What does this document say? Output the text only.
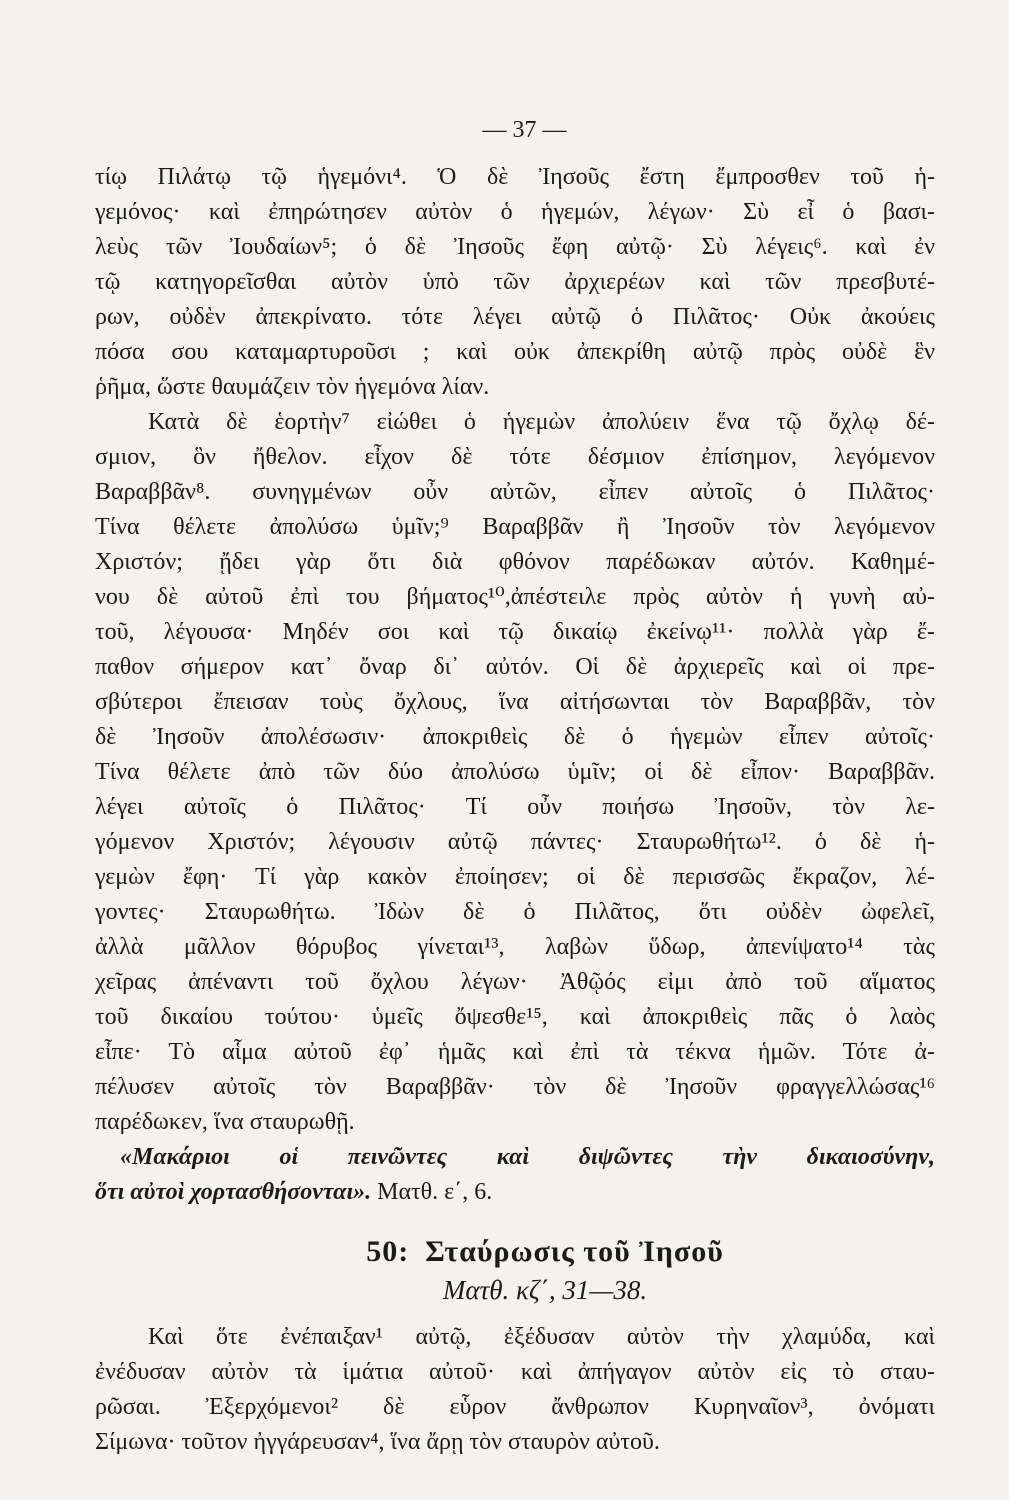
— 37 —
τίῳ Πιλάτῳ τῷ ἡγεμόνι⁴. Ὁ δὲ Ἰησοῦς ἔστη ἔμπροσθεν τοῦ ἡ-
γεμόνος· καὶ ἐπηρώτησεν αὐτὸν ὁ ἡγεμών, λέγων· Σὺ εἶ ὁ βασι-
λεὺς τῶν Ἰουδαίων⁵; ὁ δὲ Ἰησοῦς ἔφη αὐτῷ· Σὺ λέγεις⁶. καὶ ἐν
τῷ κατηγορεῖσθαι αὐτὸν ὑπὸ τῶν ἀρχιερέων καὶ τῶν πρεσβυτέ-
ρων, οὐδὲν ἀπεκρίνατο. τότε λέγει αὐτῷ ὁ Πιλᾶτος· Οὐκ ἀκούεις
πόσα σου καταμαρτυροῦσι ; καὶ οὐκ ἀπεκρίθη αὐτῷ πρὸς οὐδὲ ἓν
ῥῆμα, ὥστε θαυμάζειν τὸν ἡγεμόνα λίαν.
Κατὰ δὲ ἑορτὴν⁷ εἰώθει ὁ ἡγεμὼν ἀπολύειν ἕνα τῷ ὄχλῳ δέ-
σμιον, ὃν ἤθελον. εἶχον δὲ τότε δέσμιον ἐπίσημον, λεγόμενον
Βαραββᾶν⁸. συνηγμένων οὖν αὐτῶν, εἶπεν αὐτοῖς ὁ Πιλᾶτος·
Τίνα θέλετε ἀπολύσω ὑμῖν;⁹ Βαραββᾶν ἢ Ἰησοῦν τὸν λεγόμενον
Χριστόν; ᾔδει γὰρ ὅτι διὰ φθόνον παρέδωκαν αὐτόν. Καθημέ-
νου δὲ αὐτοῦ ἐπὶ του βήματος¹⁰,ἀπέστειλε πρὸς αὐτὸν ἡ γυνὴ αὐ-
τοῦ, λέγουσα· Μηδέν σοι καὶ τῷ δικαίῳ ἐκείνῳ¹¹· πολλὰ γὰρ ἔ-
παθον σήμερον κατ᾽ ὄναρ δι᾽ αὐτόν. Οἱ δὲ ἀρχιερεῖς καὶ οἱ πρε-
σβύτεροι ἔπεισαν τοὺς ὄχλους, ἵνα αἰτήσωνται τὸν Βαραββᾶν, τὸν
δὲ Ἰησοῦν ἀπολέσωσιν· ἀποκριθεὶς δὲ ὁ ἡγεμὼν εἶπεν αὐτοῖς·
Τίνα θέλετε ἀπὸ τῶν δύο ἀπολύσω ὑμῖν; οἱ δὲ εἶπον· Βαραββᾶν.
λέγει αὐτοῖς ὁ Πιλᾶτος· Τί οὖν ποιήσω Ἰησοῦν, τὸν λε-
γόμενον Χριστόν; λέγουσιν αὐτῷ πάντες· Σταυρωθήτω¹². ὁ δὲ ἡ-
γεμὼν ἔφη· Τί γὰρ κακὸν ἐποίησεν; οἱ δὲ περισσῶς ἔκραζον, λέ-
γοντες· Σταυρωθήτω. Ἰδὼν δὲ ὁ Πιλᾶτος, ὅτι οὐδὲν ὠφελεῖ,
ἀλλὰ μᾶλλον θόρυβος γίνεται¹³, λαβὼν ὕδωρ, ἀπενίψατο¹⁴ τὰς
χεῖρας ἀπέναντι τοῦ ὄχλου λέγων· Ἀθῷός εἰμι ἀπὸ τοῦ αἵματος
τοῦ δικαίου τούτου· ὑμεῖς ὄψεσθε¹⁵, καὶ ἀποκριθεὶς πᾶς ὁ λαὸς
εἶπε· Τὸ αἷμα αὐτοῦ ἐφ᾽ ἡμᾶς καὶ ἐπὶ τὰ τέκνα ἡμῶν. Τότε ἀ-
πέλυσεν αὐτοῖς τὸν Βαραββᾶν· τὸν δὲ Ἰησοῦν φραγγελλώσας¹⁶
παρέδωκεν, ἵνα σταυρωθῇ.
«Μακάριοι οἱ πεινῶντες καὶ διψῶντες τὴν δικαιοσύνην,
ὅτι αὐτοὶ χορτασθήσονται». Ματθ. ε΄, 6.
50: Σταύρωσις τοῦ Ἰησοῦ
Ματθ. κζ΄, 31—38.
Καὶ ὅτε ἐνέπαιξαν¹ αὐτῷ, ἐξέδυσαν αὐτὸν τὴν χλαμύδα, καὶ
ἐνέδυσαν αὐτὸν τὰ ἱμάτια αὐτοῦ· καὶ ἀπήγαγον αὐτὸν εἰς τὸ σταυ-
ρῶσαι. Ἐξερχόμενοι² δὲ εὗρον ἄνθρωπον Κυρηναῖον³, ὀνόματι
Σίμωνα· τοῦτον ἠγγάρευσαν⁴, ἵνα ἄρῃ τὸν σταυρὸν αὐτοῦ.
